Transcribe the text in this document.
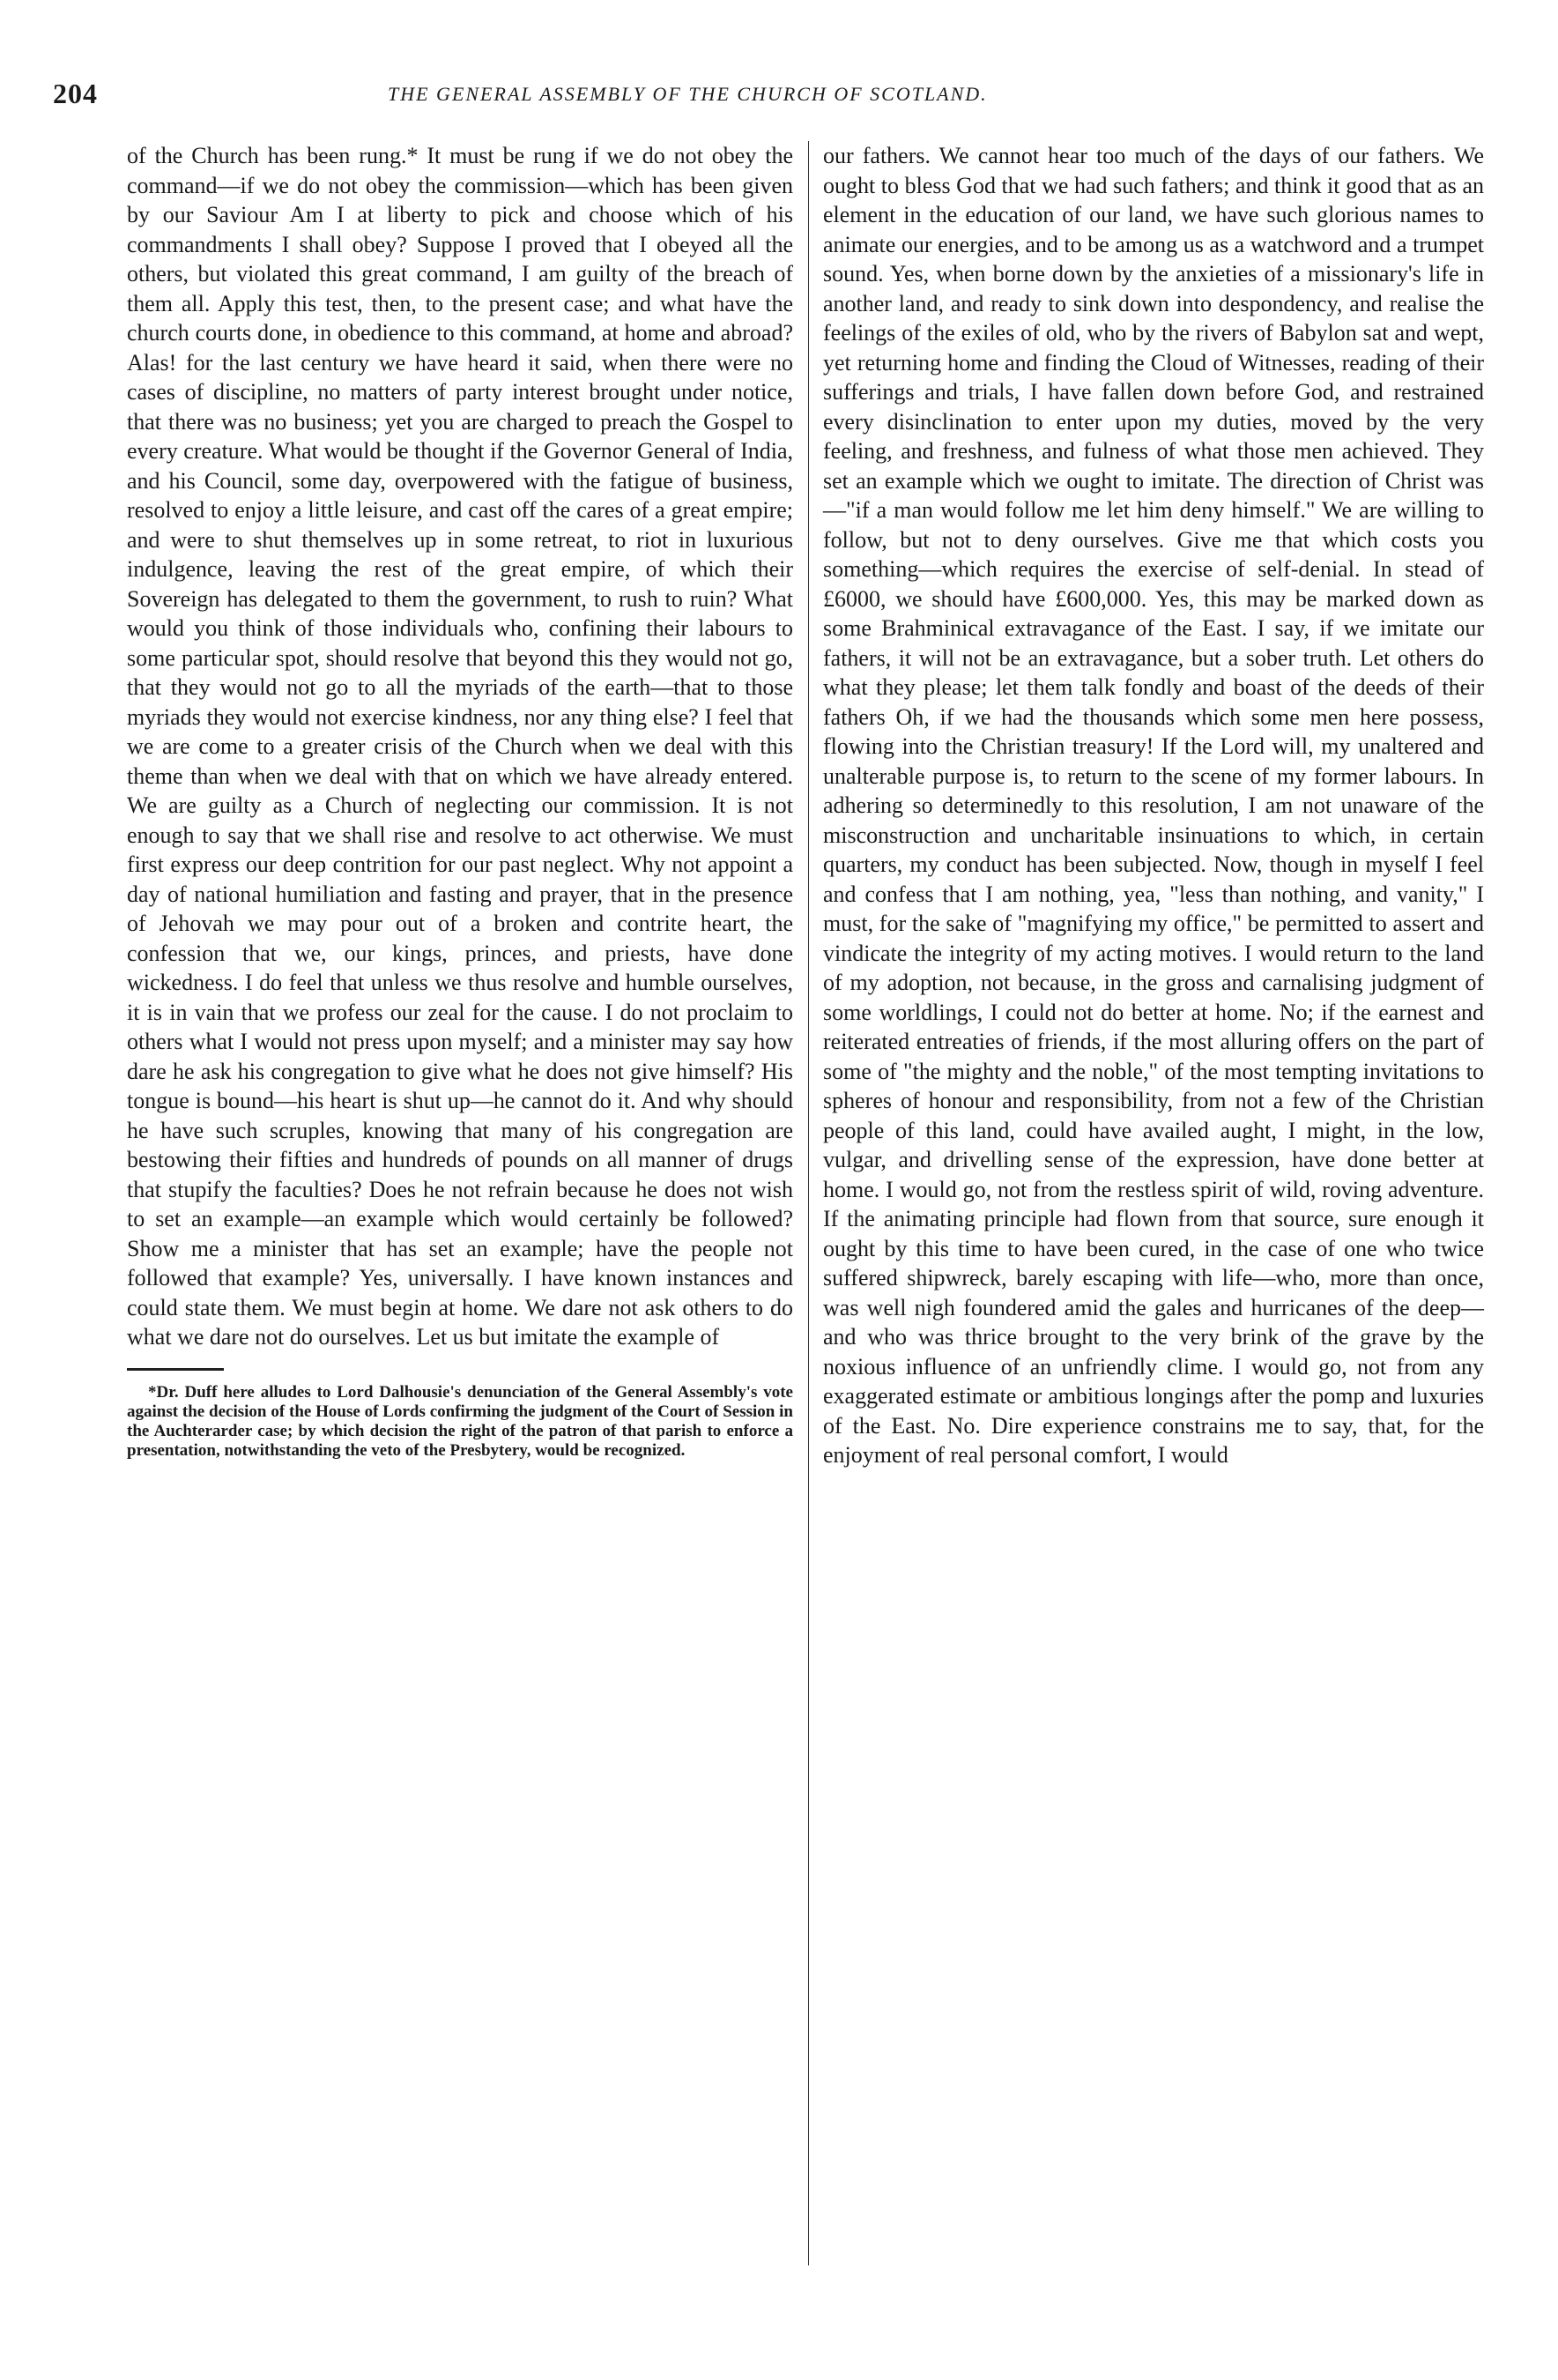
204	THE GENERAL ASSEMBLY OF THE CHURCH OF SCOTLAND.

of the Church has been rung.* It must be rung if we do not obey the command—if we do not obey the commission—which has been given by our Saviour Am I at liberty to pick and choose which of his commandments I shall obey? Suppose I proved that I obeyed all the others, but violated this great command, I am guilty of the breach of them all. Apply this test, then, to the present case; and what have the church courts done, in obedience to this command, at home and abroad? Alas! for the last century we have heard it said, when there were no cases of discipline, no matters of party interest brought under notice, that there was no business; yet you are charged to preach the Gospel to every creature. What would be thought if the Governor General of India, and his Council, some day, overpowered with the fatigue of business, resolved to enjoy a little leisure, and cast off the cares of a great empire; and were to shut themselves up in some retreat, to riot in luxurious indulgence, leaving the rest of the great empire, of which their Sovereign has delegated to them the government, to rush to ruin? What would you think of those individuals who, confining their labours to some particular spot, should resolve that beyond this they would not go, that they would not go to all the myriads of the earth—that to those myriads they would not exercise kindness, nor any thing else? I feel that we are come to a greater crisis of the Church when we deal with this theme than when we deal with that on which we have already entered. We are guilty as a Church of neglecting our commission. It is not enough to say that we shall rise and resolve to act otherwise. We must first express our deep contrition for our past neglect. Why not appoint a day of national humiliation and fasting and prayer, that in the presence of Jehovah we may pour out of a broken and contrite heart, the confession that we, our kings, princes, and priests, have done wickedness. I do feel that unless we thus resolve and humble ourselves, it is in vain that we profess our zeal for the cause. I do not proclaim to others what I would not press upon myself; and a minister may say how dare he ask his congregation to give what he does not give himself? His tongue is bound—his heart is shut up—he cannot do it. And why should he have such scruples, knowing that many of his congregation are bestowing their fifties and hundreds of pounds on all manner of drugs that stupify the faculties? Does he not refrain because he does not wish to set an example—an example which would certainly be followed? Show me a minister that has set an example; have the people not followed that example? Yes, universally. I have known instances and could state them. We must begin at home. We dare not ask others to do what we dare not do ourselves. Let us but imitate the example of

*Dr. Duff here alludes to Lord Dalhousie's denunciation of the General Assembly's vote against the decision of the House of Lords confirming the judgment of the Court of Session in the Auchterarder case; by which decision the right of the patron of that parish to enforce a presentation, notwithstanding the veto of the Presbytery, would be recognized.

our fathers. We cannot hear too much of the days of our fathers. We ought to bless God that we had such fathers; and think it good that as an element in the education of our land, we have such glorious names to animate our energies, and to be among us as a watchword and a trumpet sound. Yes, when borne down by the anxieties of a missionary's life in another land, and ready to sink down into despondency, and realise the feelings of the exiles of old, who by the rivers of Babylon sat and wept, yet returning home and finding the Cloud of Witnesses, reading of their sufferings and trials, I have fallen down before God, and restrained every disinclination to enter upon my duties, moved by the very feeling, and freshness, and fulness of what those men achieved. They set an example which we ought to imitate. The direction of Christ was—"if a man would follow me let him deny himself." We are willing to follow, but not to deny ourselves. Give me that which costs you something—which requires the exercise of self-denial. In stead of £6000, we should have £600,000. Yes, this may be marked down as some Brahminical extravagance of the East. I say, if we imitate our fathers, it will not be an extravagance, but a sober truth. Let others do what they please; let them talk fondly and boast of the deeds of their fathers Oh, if we had the thousands which some men here possess, flowing into the Christian treasury! If the Lord will, my unaltered and unalterable purpose is, to return to the scene of my former labours. In adhering so determinedly to this resolution, I am not unaware of the misconstruction and uncharitable insinuations to which, in certain quarters, my conduct has been subjected. Now, though in myself I feel and confess that I am nothing, yea, "less than nothing, and vanity," I must, for the sake of "magnifying my office," be permitted to assert and vindicate the integrity of my acting motives. I would return to the land of my adoption, not because, in the gross and carnalising judgment of some worldlings, I could not do better at home. No; if the earnest and reiterated entreaties of friends, if the most alluring offers on the part of some of "the mighty and the noble," of the most tempting invitations to spheres of honour and responsibility, from not a few of the Christian people of this land, could have availed aught, I might, in the low, vulgar, and drivelling sense of the expression, have done better at home. I would go, not from the restless spirit of wild, roving adventure. If the animating principle had flown from that source, sure enough it ought by this time to have been cured, in the case of one who twice suffered shipwreck, barely escaping with life—who, more than once, was well nigh foundered amid the gales and hurricanes of the deep—and who was thrice brought to the very brink of the grave by the noxious influence of an unfriendly clime. I would go, not from any exaggerated estimate or ambitious longings after the pomp and luxuries of the East. No. Dire experience constrains me to say, that, for the enjoyment of real personal comfort, I would
